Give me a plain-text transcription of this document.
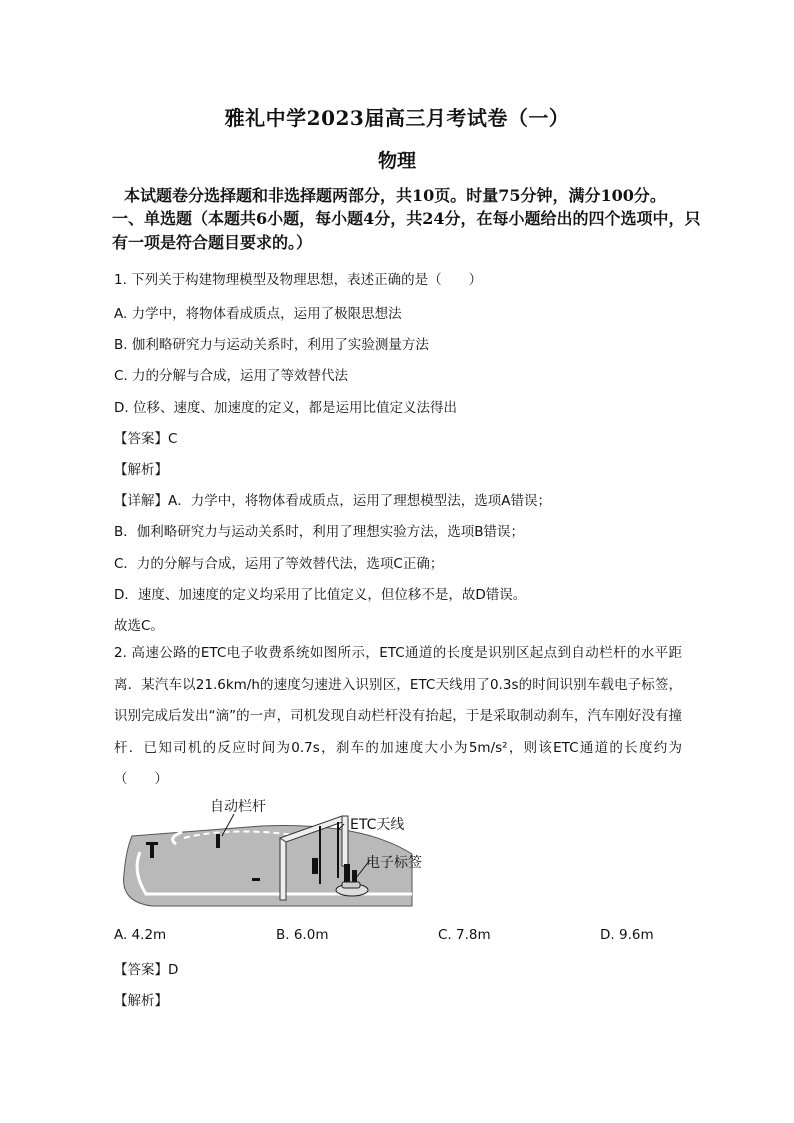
雅礼中学2023届高三月考试卷（一）
物理
本试题卷分选择题和非选择题两部分，共10页。时量75分钟，满分100分。
一、单选题（本题共6小题，每小题4分，共24分，在每小题给出的四个选项中，只有一项是符合题目要求的。）
1. 下列关于构建物理模型及物理思想，表述正确的是（　　）
A. 力学中，将物体看成质点，运用了极限思想法
B. 伽利略研究力与运动关系时，利用了实验测量方法
C. 力的分解与合成，运用了等效替代法
D. 位移、速度、加速度的定义，都是运用比值定义法得出
【答案】C
【解析】
【详解】A．力学中，将物体看成质点，运用了理想模型法，选项A错误；
B．伽利略研究力与运动关系时，利用了理想实验方法，选项B错误；
C．力的分解与合成，运用了等效替代法，选项C正确；
D．速度、加速度的定义均采用了比值定义，但位移不是，故D错误。
故选C。
2. 高速公路的ETC电子收费系统如图所示，ETC通道的长度是识别区起点到自动栏杆的水平距离．某汽车以21.6km/h的速度匀速进入识别区，ETC天线用了0.3s的时间识别车载电子标签，识别完成后发出“滴”的一声，司机发现自动栏杆没有抬起，于是采取制动刹车，汽车刚好没有撞杆．已知司机的反应时间为0.7s，刹车的加速度大小为5m/s²，则该ETC通道的长度约为（　　）
自动栏杆
ETC天线
电子标签
A. 4.2m	B. 6.0m	C. 7.8m	D. 9.6m
【答案】D
【解析】
